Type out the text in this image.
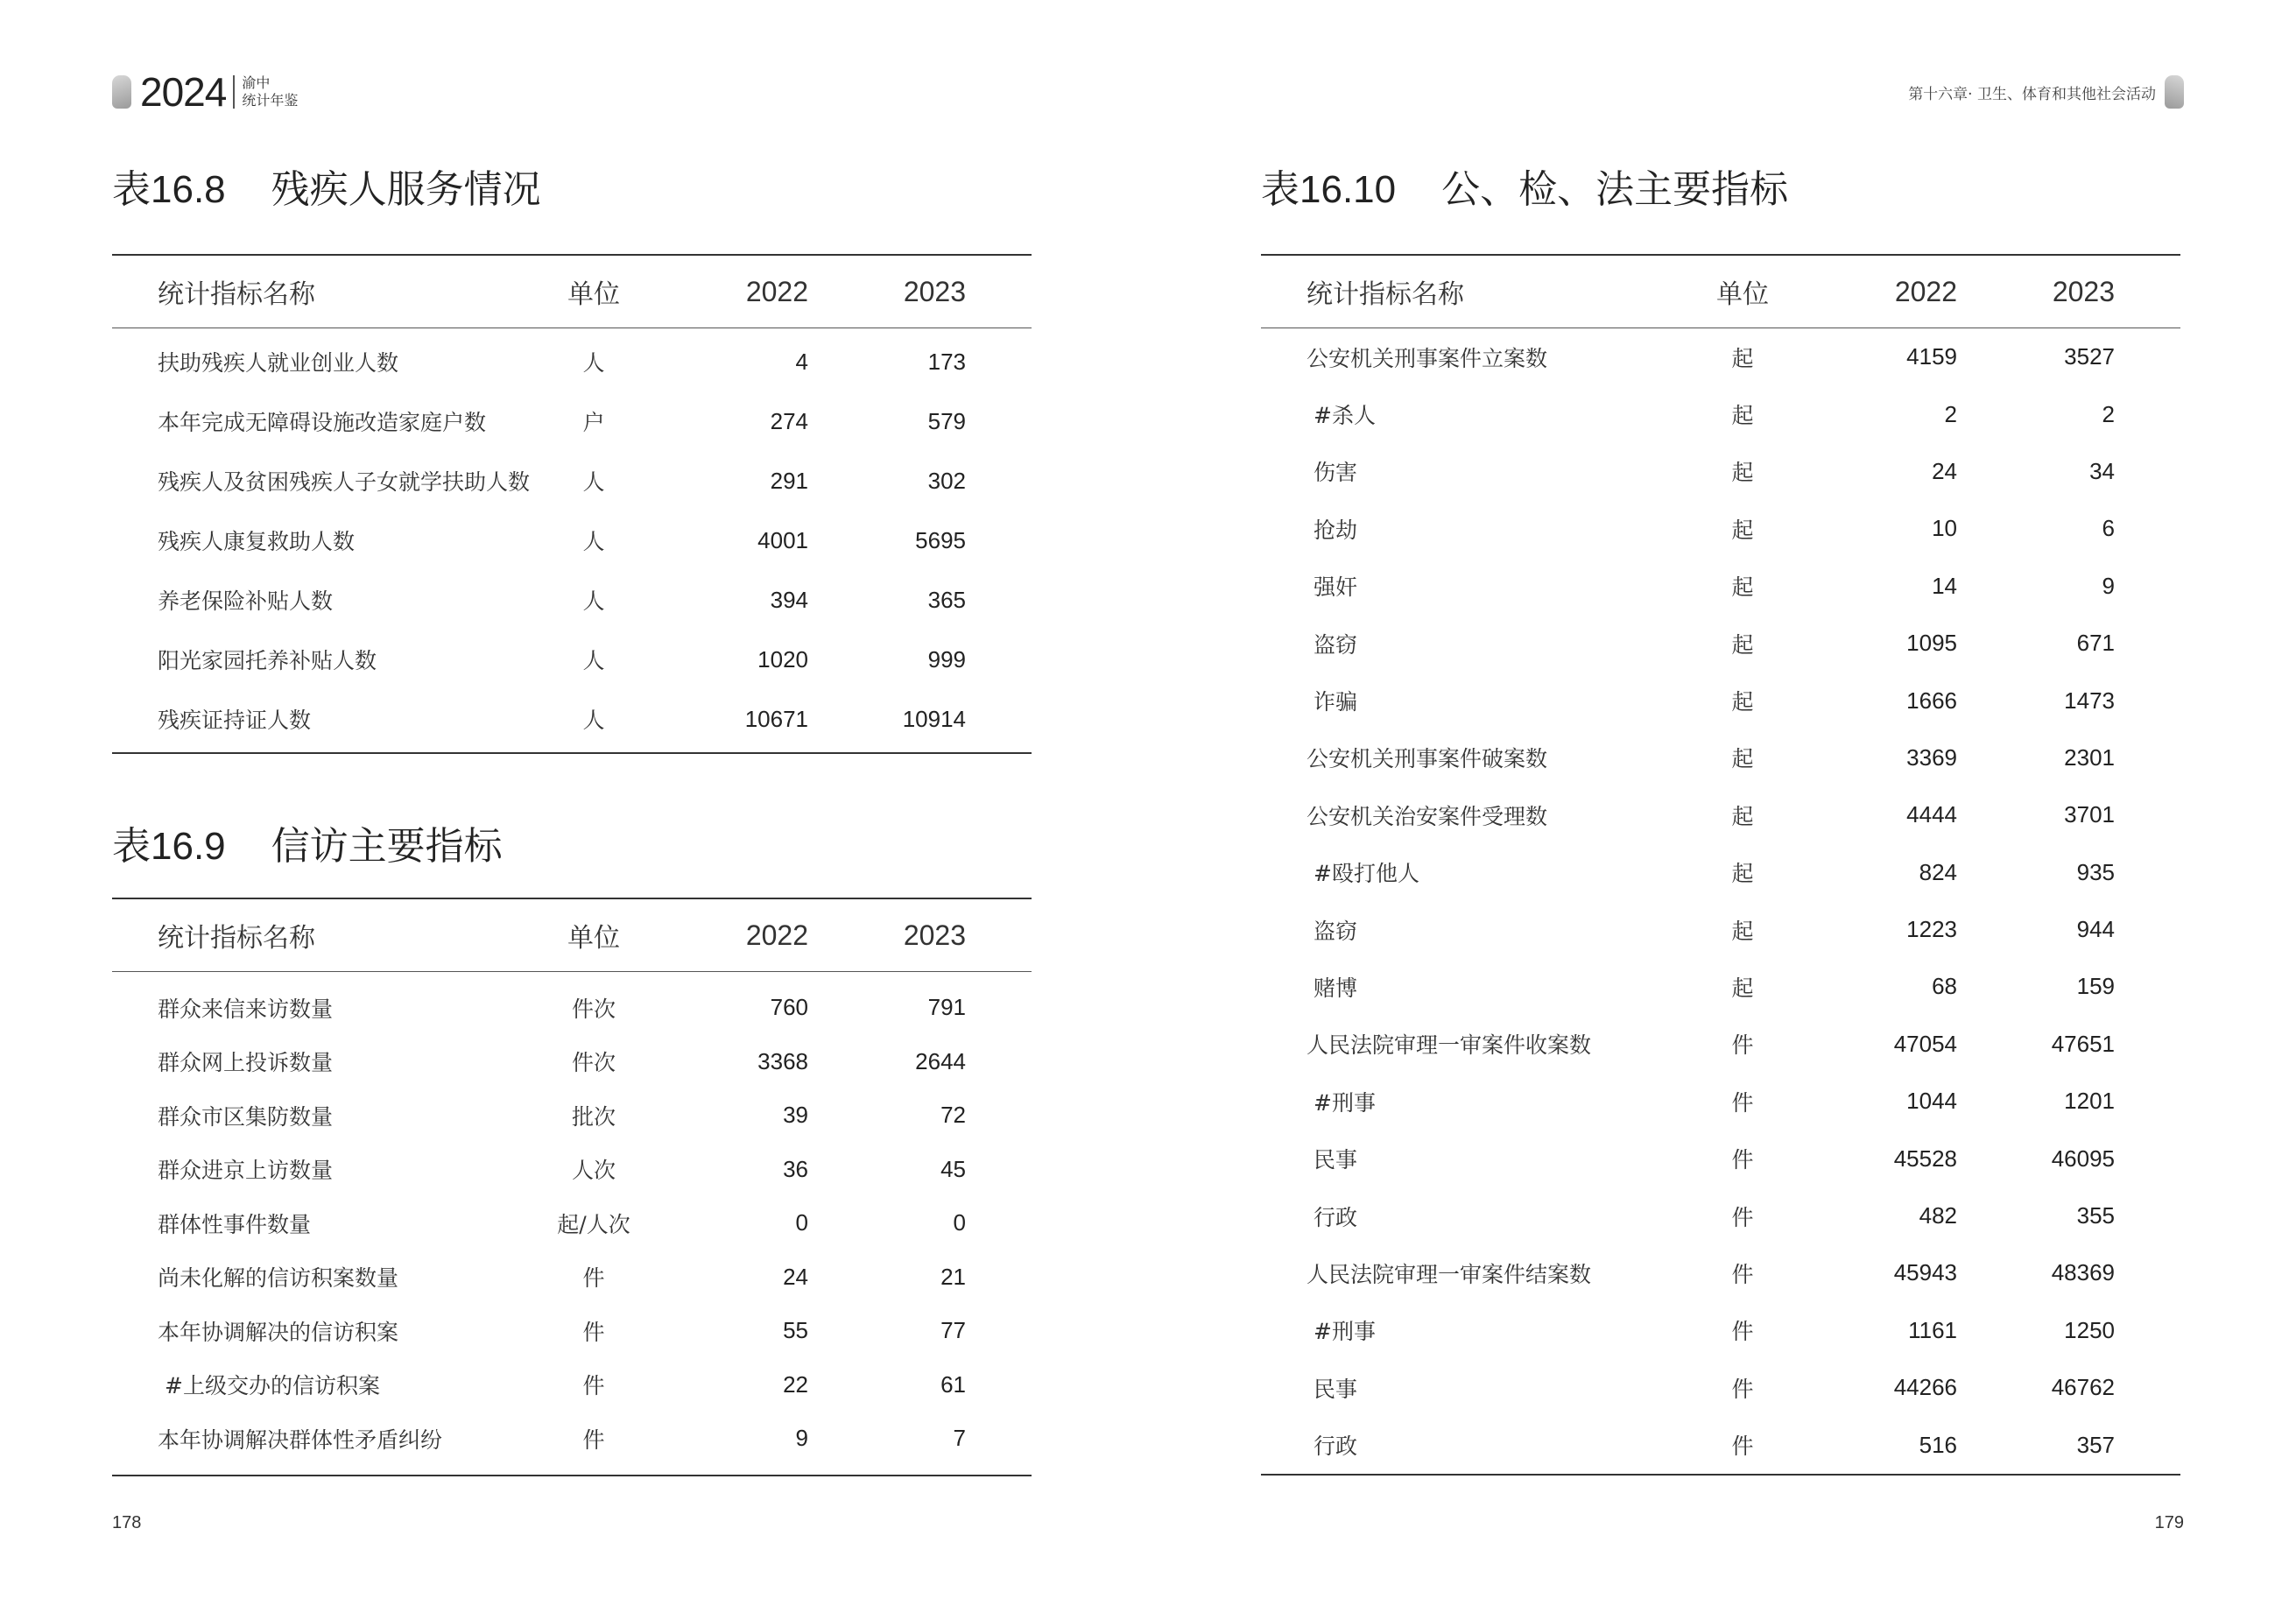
2024 渝中
统计年鉴	第十六章· 卫生、体育和其他社会活动
表16.8 残疾人服务情况
统计指标名称	单位	2022	2023
扶助残疾人就业创业人数	人	4	173
本年完成无障碍设施改造家庭户数	户	274	579
残疾人及贫困残疾人子女就学扶助人数	人	291	302
残疾人康复救助人数	人	4001	5695
养老保险补贴人数	人	394	365
阳光家园托养补贴人数	人	1020	999
残疾证持证人数	人	10671	10914
表16.9 信访主要指标
统计指标名称	单位	2022	2023
群众来信来访数量	件次	760	791
群众网上投诉数量	件次	3368	2644
群众市区集防数量	批次	39	72
群众进京上访数量	人次	36	45
群体性事件数量	起/人次	0	0
尚未化解的信访积案数量	件	24	21
本年协调解决的信访积案	件	55	77
#上级交办的信访积案	件	22	61
本年协调解决群体性矛盾纠纷	件	9	7
表16.10 公、检、法主要指标
统计指标名称	单位	2022	2023
公安机关刑事案件立案数	起	4159	3527
#杀人	起	2	2
伤害	起	24	34
抢劫	起	10	6
强奸	起	14	9
盗窃	起	1095	671
诈骗	起	1666	1473
公安机关刑事案件破案数	起	3369	2301
公安机关治安案件受理数	起	4444	3701
#殴打他人	起	824	935
盗窃	起	1223	944
赌博	起	68	159
人民法院审理一审案件收案数	件	47054	47651
#刑事	件	1044	1201
民事	件	45528	46095
行政	件	482	355
人民法院审理一审案件结案数	件	45943	48369
#刑事	件	1161	1250
民事	件	44266	46762
行政	件	516	357
178	179
